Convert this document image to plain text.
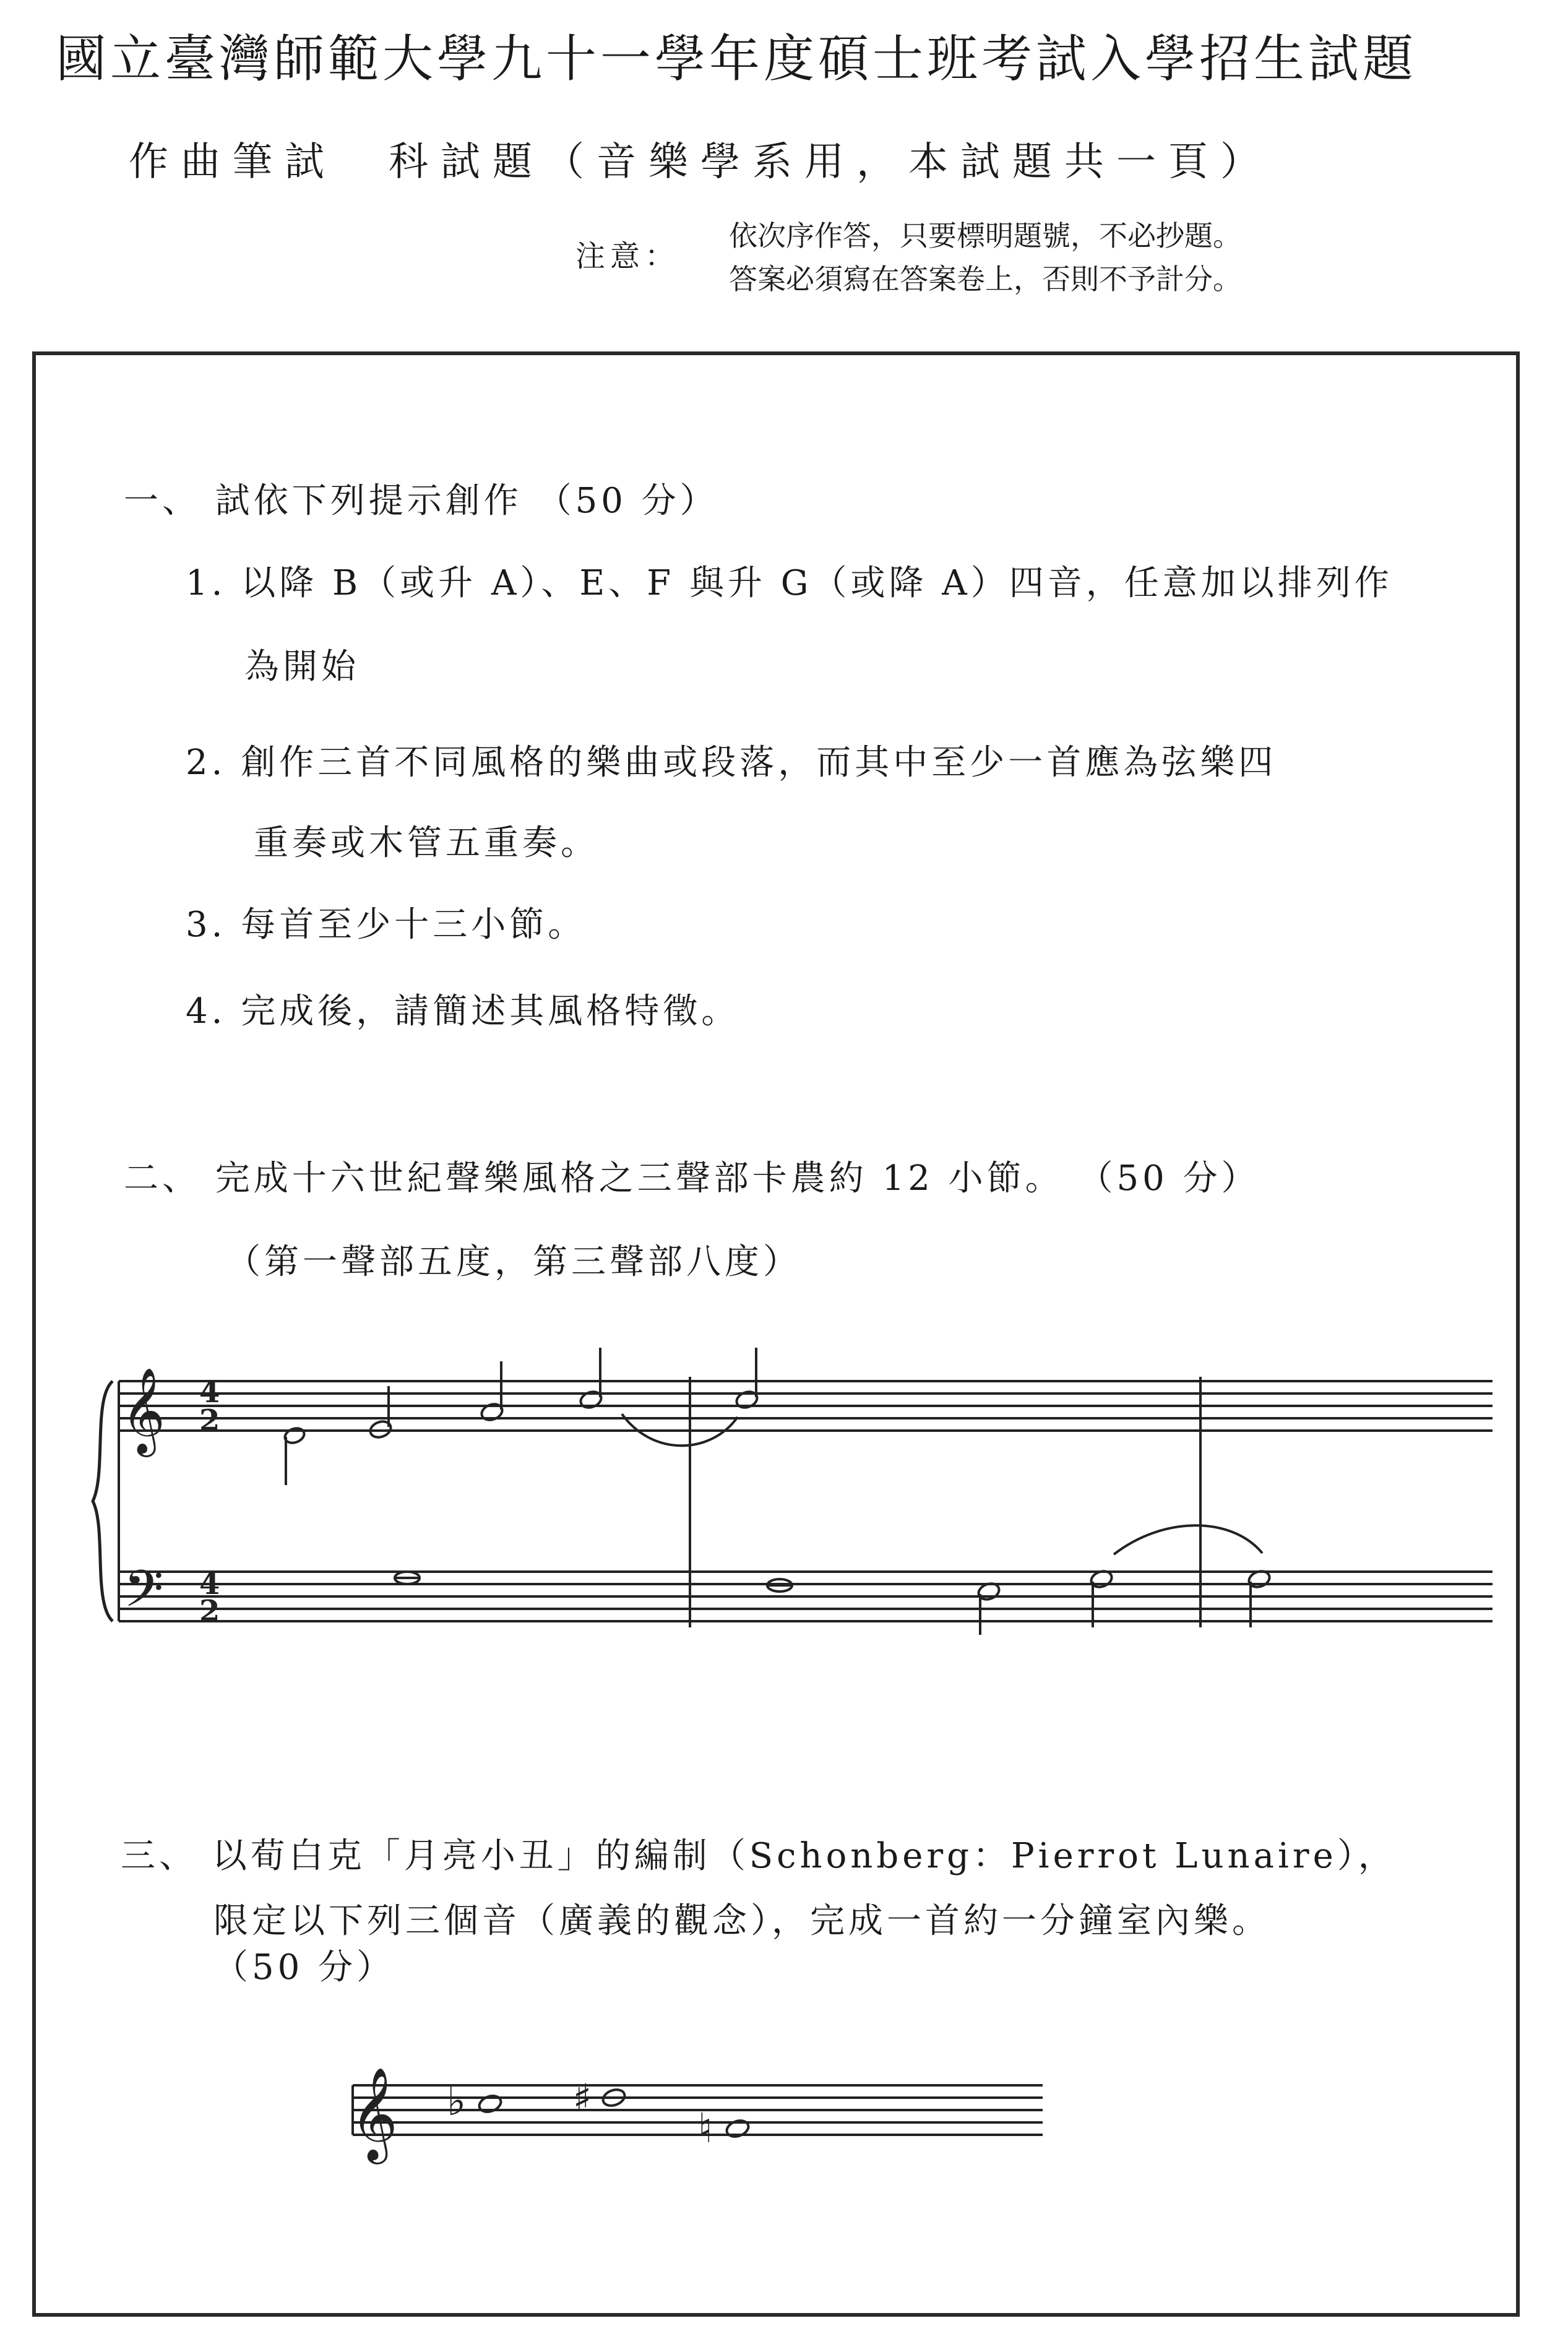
國立臺灣師範大學九十一學年度碩士班考試入學招生試題
作曲筆試　科試題（音樂學系用，本試題共一頁）
注意：
依次序作答，只要標明題號，不必抄題。
答案必須寫在答案卷上，否則不予計分。
一、 試依下列提示創作 （50 分）
1. 以降 B（或升 A）、E、F 與升 G（或降 A）四音，任意加以排列作
為開始
2. 創作三首不同風格的樂曲或段落，而其中至少一首應為弦樂四
重奏或木管五重奏。
3. 每首至少十三小節。
4. 完成後，請簡述其風格特徵。
二、 完成十六世紀聲樂風格之三聲部卡農約 12 小節。 （50 分）
（第一聲部五度，第三聲部八度）
𝄞
𝄢
4
2
4
2
𝄞 ♭	♯
♮
三、 以荀白克「月亮小丑」的編制（Schonberg：Pierrot Lunaire），
限定以下列三個音（廣義的觀念），完成一首約一分鐘室內樂。
（50 分）
